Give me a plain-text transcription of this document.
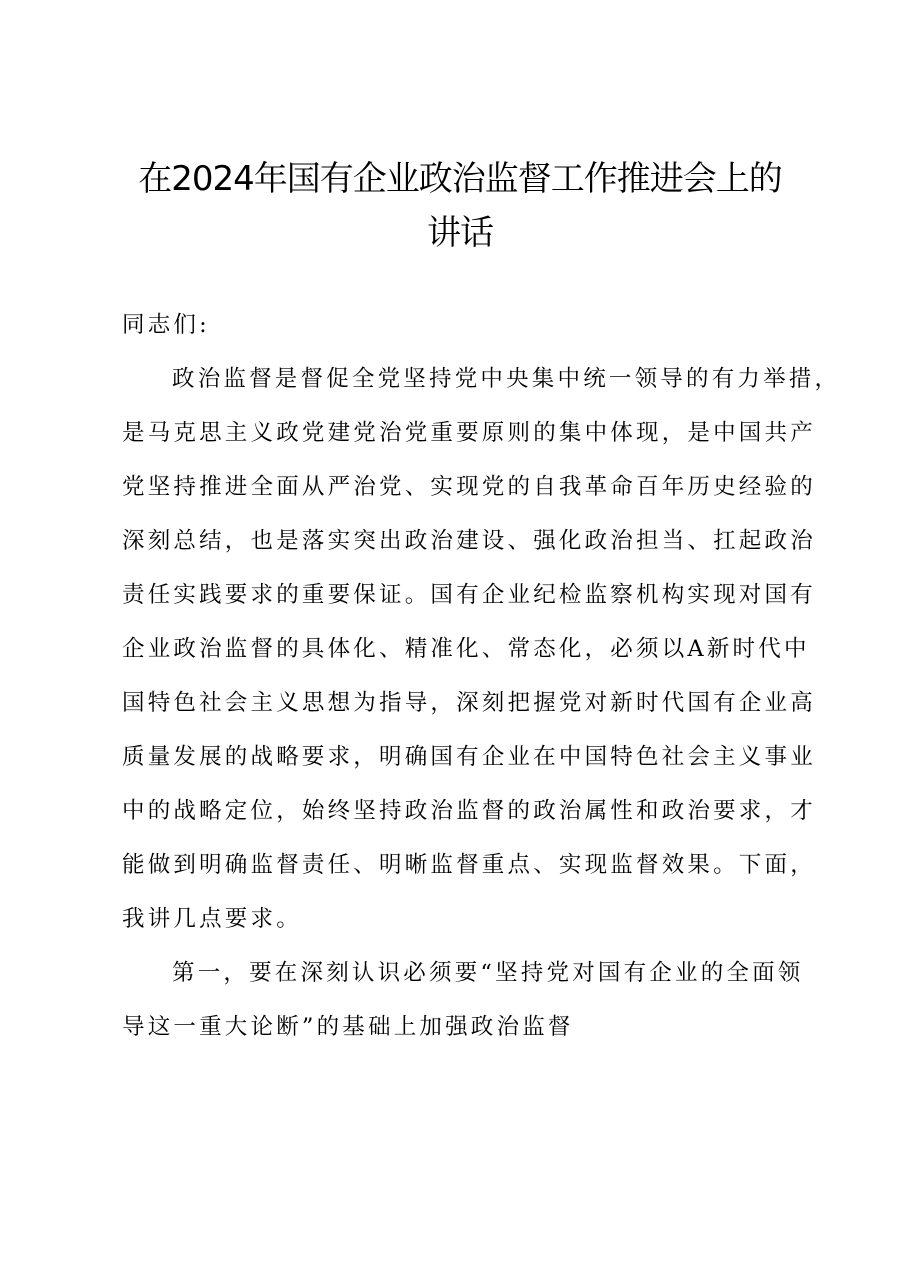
在2024年国有企业政治监督工作推进会上的
讲话

同志们:

政治监督是督促全党坚持党中央集中统一领导的有力举措，
是马克思主义政党建党治党重要原则的集中体现，是中国共产
党坚持推进全面从严治党、实现党的自我革命百年历史经验的
深刻总结，也是落实突出政治建设、强化政治担当、扛起政治
责任实践要求的重要保证。国有企业纪检监察机构实现对国有
企业政治监督的具体化、精准化、常态化，必须以A新时代中
国特色社会主义思想为指导，深刻把握党对新时代国有企业高
质量发展的战略要求，明确国有企业在中国特色社会主义事业
中的战略定位，始终坚持政治监督的政治属性和政治要求，才
能做到明确监督责任、明晰监督重点、实现监督效果。下面，
我讲几点要求。

第一，要在深刻认识必须要“坚持党对国有企业的全面领
导这一重大论断”的基础上加强政治监督
